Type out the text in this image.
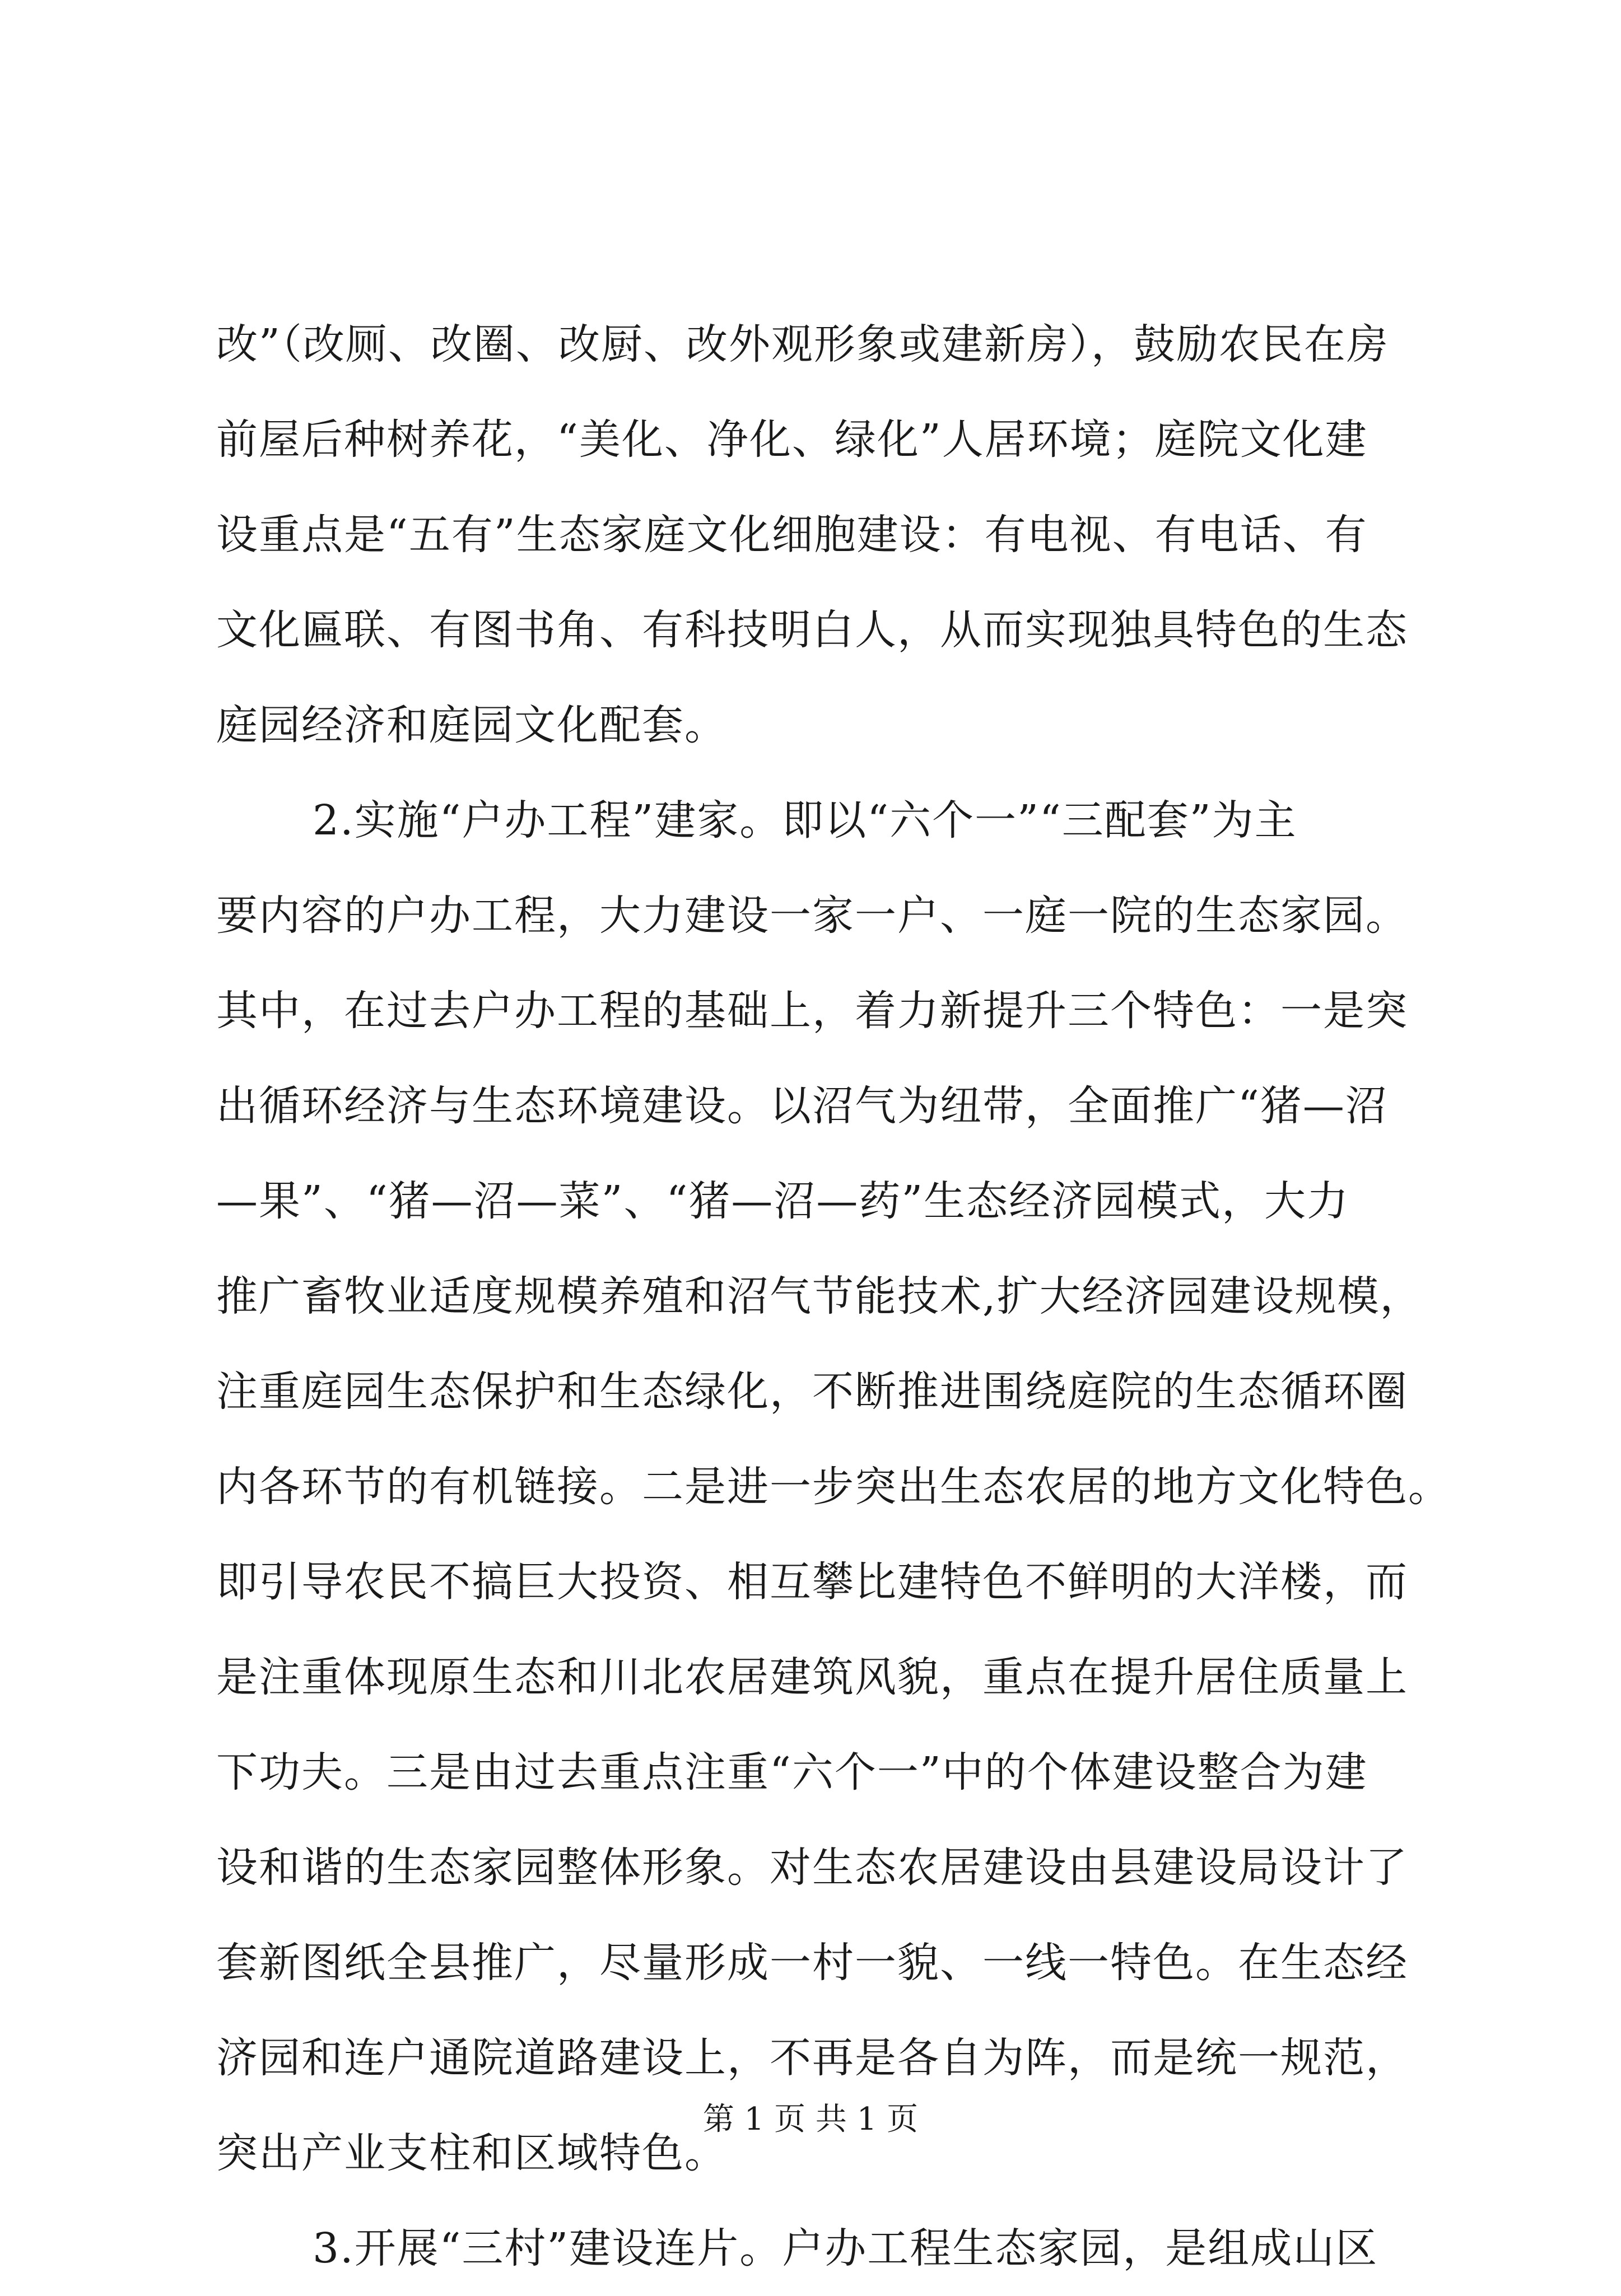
改”（改厕、改圈、改厨、改外观形象或建新房），鼓励农民在房
前屋后种树养花，“美化、净化、绿化”人居环境；庭院文化建
设重点是“五有”生态家庭文化细胞建设：有电视、有电话、有
文化匾联、有图书角、有科技明白人，从而实现独具特色的生态
庭园经济和庭园文化配套。
2.实施“户办工程”建家。即以“六个一”“三配套”为主
要内容的户办工程，大力建设一家一户、一庭一院的生态家园。
其中，在过去户办工程的基础上，着力新提升三个特色：一是突
出循环经济与生态环境建设。以沼气为纽带，全面推广“猪—沼
—果”、“猪—沼—菜”、“猪—沼—药”生态经济园模式，大力
推广畜牧业适度规模养殖和沼气节能技术,扩大经济园建设规模，
注重庭园生态保护和生态绿化，不断推进围绕庭院的生态循环圈
内各环节的有机链接。二是进一步突出生态农居的地方文化特色。
即引导农民不搞巨大投资、相互攀比建特色不鲜明的大洋楼，而
是注重体现原生态和川北农居建筑风貌，重点在提升居住质量上
下功夫。三是由过去重点注重“六个一”中的个体建设整合为建
设和谐的生态家园整体形象。对生态农居建设由县建设局设计了
套新图纸全县推广，尽量形成一村一貌、一线一特色。在生态经
济园和连户通院道路建设上，不再是各自为阵，而是统一规范，
突出产业支柱和区域特色。
3.开展“三村”建设连片。户办工程生态家园，是组成山区
第 1 页 共 1 页
